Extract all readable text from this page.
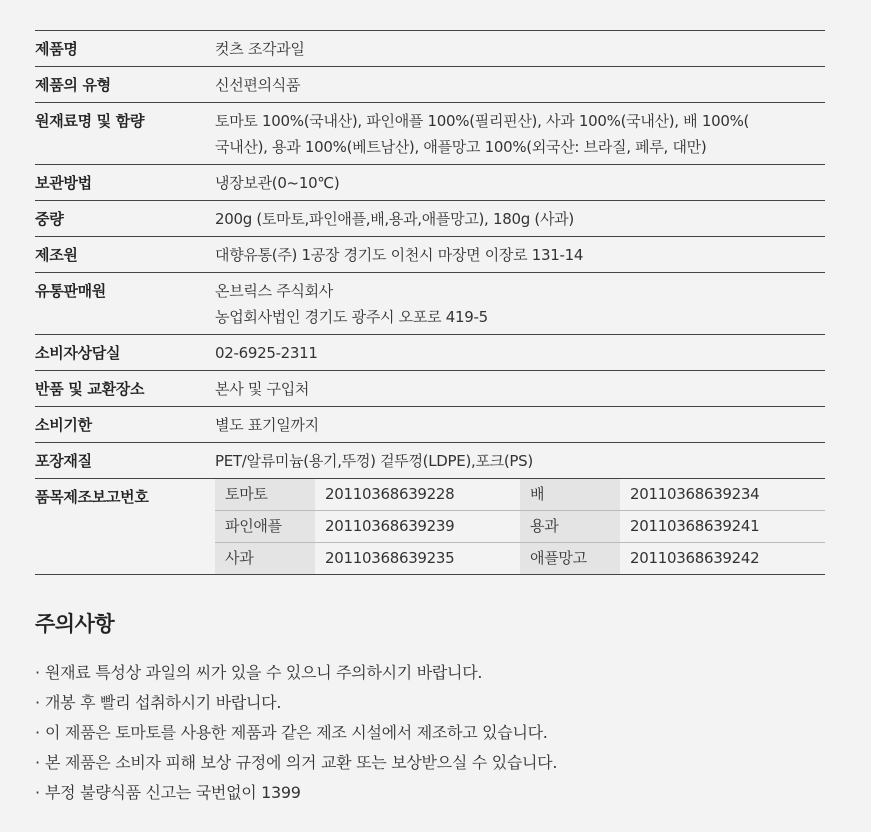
제품명	컷츠 조각과일
제품의 유형	신선편의식품
원재료명 및 함량	토마토 100%(국내산), 파인애플 100%(필리핀산), 사과 100%(국내산), 배 100%(
국내산), 용과 100%(베트남산), 애플망고 100%(외국산: 브라질, 페루, 대만)

보관방법	냉장보관(0~10℃)
중량	200g (토마토,파인애플,배,용과,애플망고), 180g (사과)
제조원	대향유통(주) 1공장 경기도 이천시 마장면 이장로 131-14
유통판매원	온브릭스 주식회사
농업회사법인 경기도 광주시 오포로 419-5

소비자상담실	02-6925-2311
반품 및 교환장소	본사 및 구입처
소비기한	별도 표기일까지
포장재질	PET/알류미늄(용기,뚜껑) 겉뚜껑(LDPE),포크(PS)
품목제조보고번호		토마토	20110368639228	배	20110368639234
파인애플	20110368639239	용과	20110368639241
사과	20110368639235	애플망고	20110368639242
주의사항
· 원재료 특성상 과일의 씨가 있을 수 있으니 주의하시기 바랍니다.
· 개봉 후 빨리 섭취하시기 바랍니다.
· 이 제품은 토마토를 사용한 제품과 같은 제조 시설에서 제조하고 있습니다.
· 본 제품은 소비자 피해 보상 규정에 의거 교환 또는 보상받으실 수 있습니다.
· 부정 불량식품 신고는 국번없이 1399
